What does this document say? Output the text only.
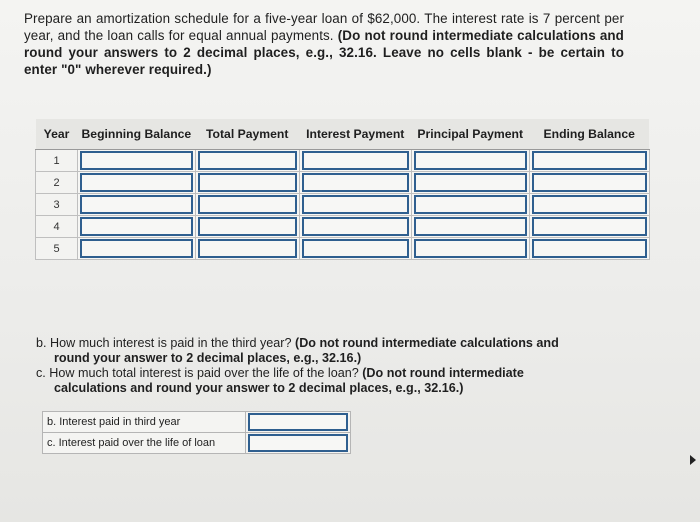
Prepare an amortization schedule for a five-year loan of $62,000. The interest rate is 7 percent per year, and the loan calls for equal annual payments. (Do not round intermediate calculations and round your answers to 2 decimal places, e.g., 32.16. Leave no cells blank - be certain to enter "0" wherever required.)
Year	Beginning Balance	Total Payment	Interest Payment	Principal Payment	Ending Balance
1	

2	

3	

4	

5	

b. How much interest is paid in the third year? (Do not round intermediate calculations and round your answer to 2 decimal places, e.g., 32.16.)

c. How much total interest is paid over the life of the loan? (Do not round intermediate calculations and round your answer to 2 decimal places, e.g., 32.16.)

b. Interest paid in third year	

c. Interest paid over the life of loan	
